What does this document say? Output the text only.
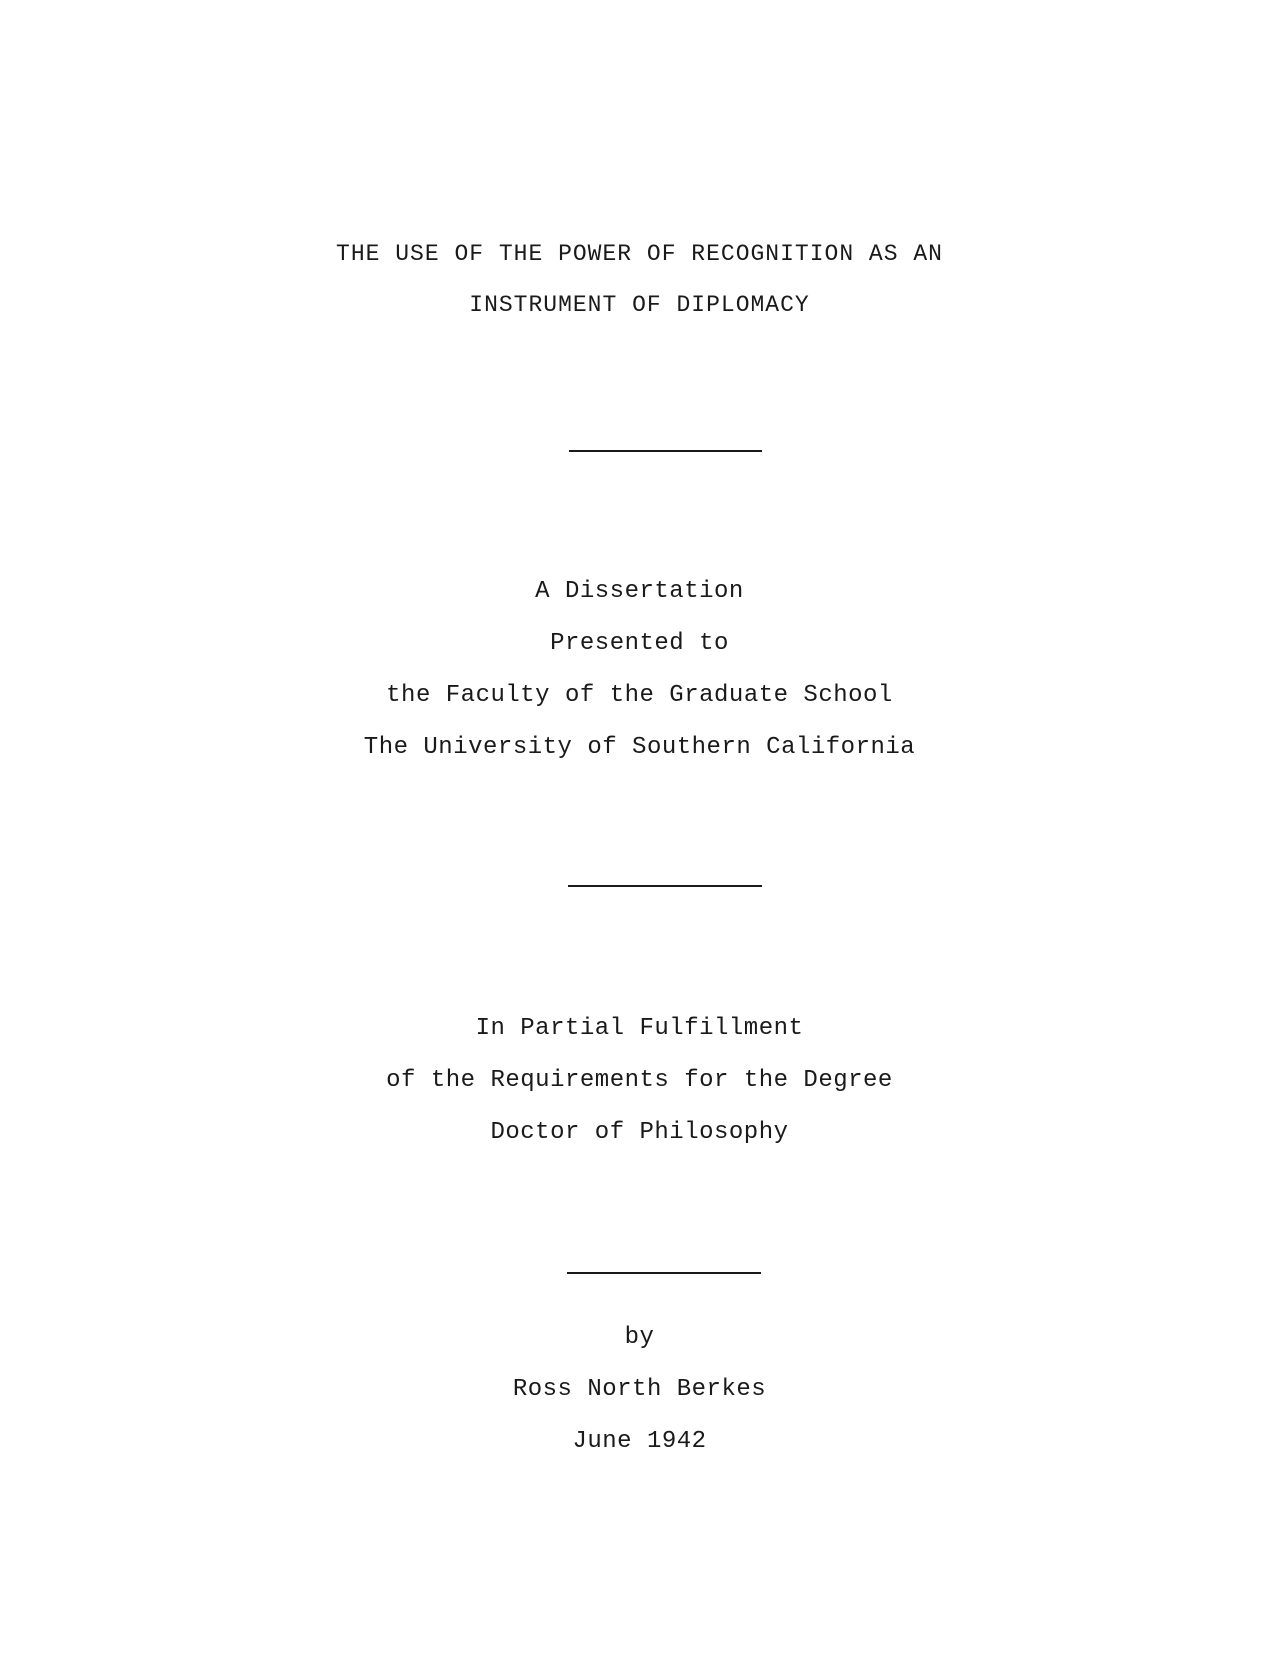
THE USE OF THE POWER OF RECOGNITION AS AN
INSTRUMENT OF DIPLOMACY
A Dissertation
Presented to
the Faculty of the Graduate School
The University of Southern California
In Partial Fulfillment
of the Requirements for the Degree
Doctor of Philosophy
by
Ross North Berkes
June 1942
